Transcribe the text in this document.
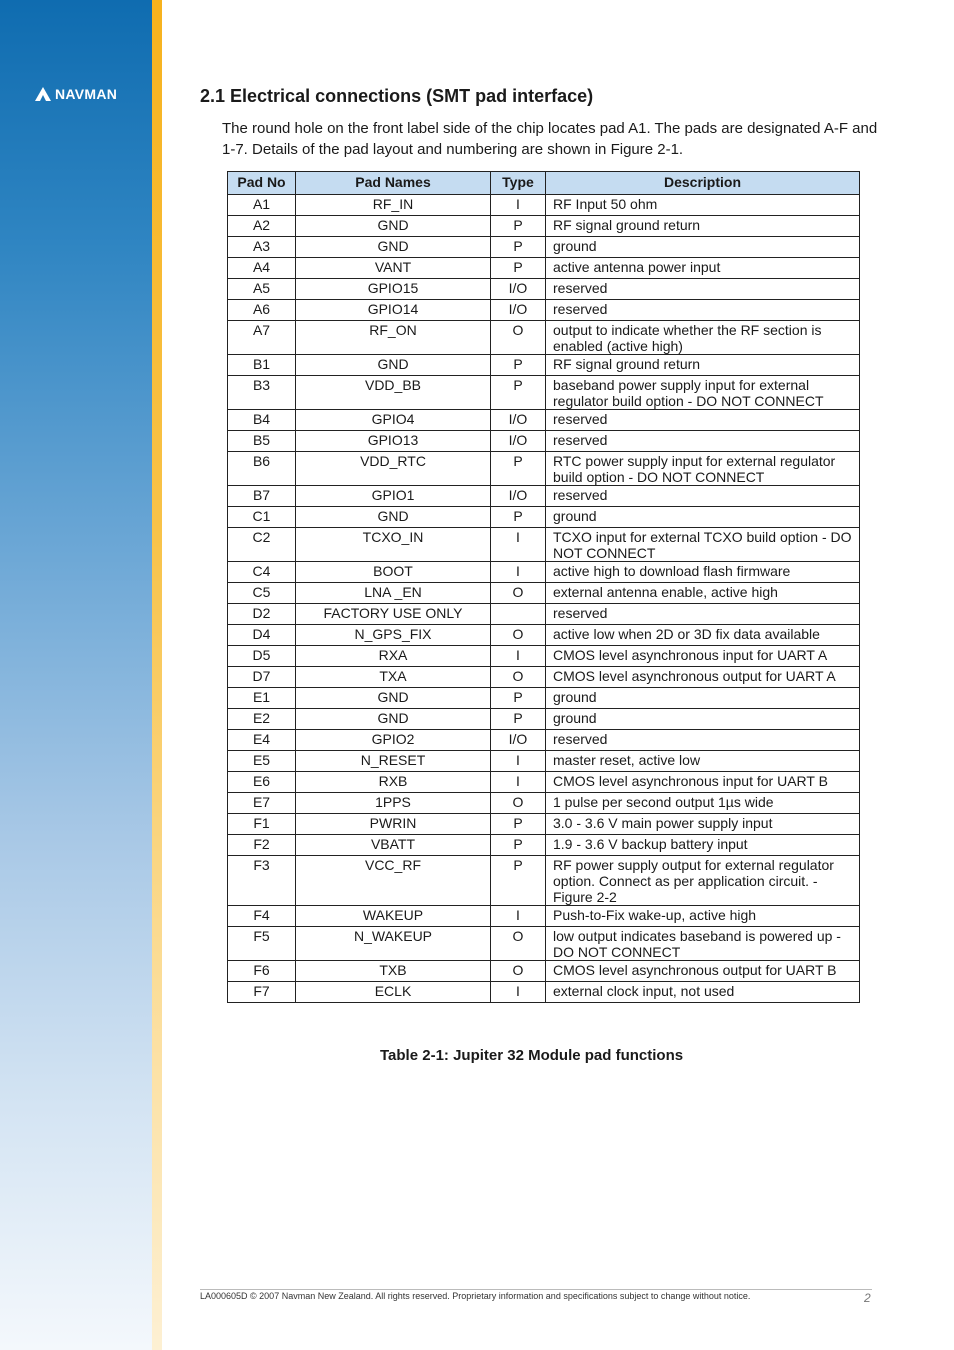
NAVMAN	2.1 Electrical connections (SMT pad interface)

The round hole on the front label side of the chip locates pad A1. The pads are designated A-F and 1-7. Details of the pad layout and numbering are shown in Figure 2-1.

Pad No	Pad Names	Type	Description
A1	RF_IN	I	RF Input 50 ohm
A2	GND	P	RF signal ground return
A3	GND	P	ground
A4	VANT	P	active antenna power input
A5	GPIO15	I/O	reserved
A6	GPIO14	I/O	reserved
A7	RF_ON	O	output to indicate whether the RF section is enabled (active high)
B1	GND	P	RF signal ground return
B3	VDD_BB	P	baseband power supply input for external regulator build option - DO NOT CONNECT
B4	GPIO4	I/O	reserved
B5	GPIO13	I/O	reserved
B6	VDD_RTC	P	RTC power supply input for external regulator build option - DO NOT CONNECT
B7	GPIO1	I/O	reserved
C1	GND	P	ground
C2	TCXO_IN	I	TCXO input for external TCXO build option - DO NOT CONNECT
C4	BOOT	I	active high to download flash firmware
C5	LNA _EN	O	external antenna enable, active high
D2	FACTORY USE ONLY		reserved
D4	N_GPS_FIX	O	active low when 2D or 3D fix data available
D5	RXA	I	CMOS level asynchronous input for UART A
D7	TXA	O	CMOS level asynchronous output for UART A
E1	GND	P	ground
E2	GND	P	ground
E4	GPIO2	I/O	reserved
E5	N_RESET	I	master reset, active low
E6	RXB	I	CMOS level asynchronous input for UART B
E7	1PPS	O	1 pulse per second output 1µs wide
F1	PWRIN	P	3.0 - 3.6 V main power supply input
F2	VBATT	P	1.9 - 3.6 V backup battery input
F3	VCC_RF	P	RF power supply output for external regulator option. Connect as per application circuit. - Figure 2-2
F4	WAKEUP	I	Push-to-Fix wake-up, active high
F5	N_WAKEUP	O	low output indicates baseband is powered up - DO NOT CONNECT
F6	TXB	O	CMOS level asynchronous output for UART B
F7	ECLK	I	external clock input, not used

Table 2-1: Jupiter 32 Module pad functions

LA000605D © 2007 Navman New Zealand. All rights reserved. Proprietary information and specifications subject to change without notice.	2
